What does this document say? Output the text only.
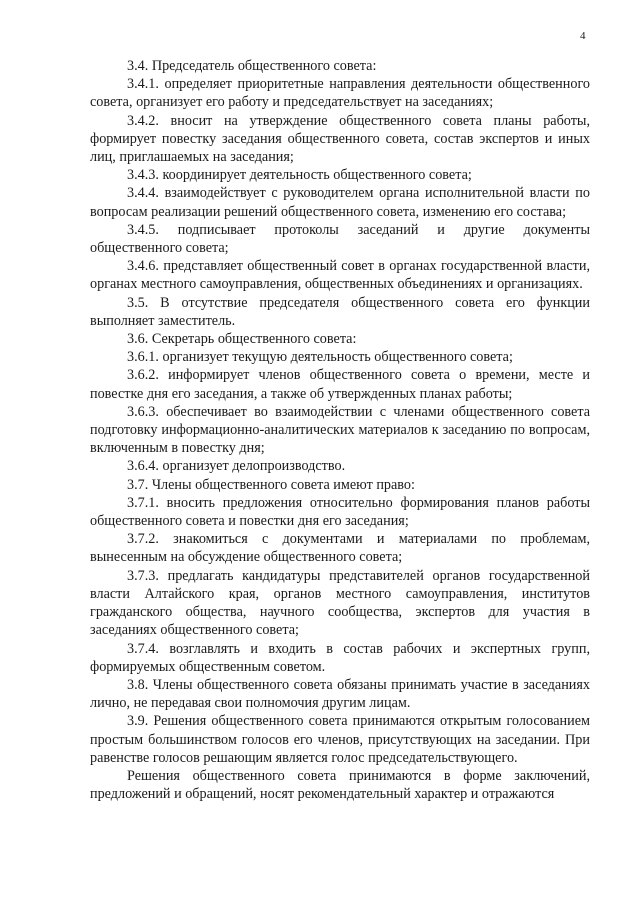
4

3.4. Председатель общественного совета:

3.4.1. определяет приоритетные направления деятельности общественного совета, организует его работу и председательствует на заседаниях;

3.4.2. вносит на утверждение общественного совета планы работы, формирует повестку заседания общественного совета, состав экспертов и иных лиц, приглашаемых на заседания;

3.4.3. координирует деятельность общественного совета;

3.4.4. взаимодействует с руководителем органа исполнительной власти по вопросам реализации решений общественного совета, изменению его состава;

3.4.5. подписывает протоколы заседаний и другие документы общественного совета;

3.4.6. представляет общественный совет в органах государственной власти, органах местного самоуправления, общественных объединениях и организациях.

3.5. В отсутствие председателя общественного совета его функции выполняет заместитель.

3.6. Секретарь общественного совета:

3.6.1. организует текущую деятельность общественного совета;

3.6.2. информирует членов общественного совета о времени, месте и повестке дня его заседания, а также об утвержденных планах работы;

3.6.3. обеспечивает во взаимодействии с членами общественного совета подготовку информационно-аналитических материалов к заседанию по вопросам, включенным в повестку дня;

3.6.4. организует делопроизводство.

3.7. Члены общественного совета имеют право:

3.7.1. вносить предложения относительно формирования планов работы общественного совета и повестки дня его заседания;

3.7.2. знакомиться с документами и материалами по проблемам, вынесенным на обсуждение общественного совета;

3.7.3. предлагать кандидатуры представителей органов государственной власти Алтайского края, органов местного самоуправления, институтов гражданского общества, научного сообщества, экспертов для участия в заседаниях общественного совета;

3.7.4. возглавлять и входить в состав рабочих и экспертных групп, формируемых общественным советом.

3.8. Члены общественного совета обязаны принимать участие в заседаниях лично, не передавая свои полномочия другим лицам.

3.9. Решения общественного совета принимаются открытым голосованием простым большинством голосов его членов, присутствующих на заседании. При равенстве голосов решающим является голос председательствующего.

Решения общественного совета принимаются в форме заключений, предложений и обращений, носят рекомендательный характер и отражаются
